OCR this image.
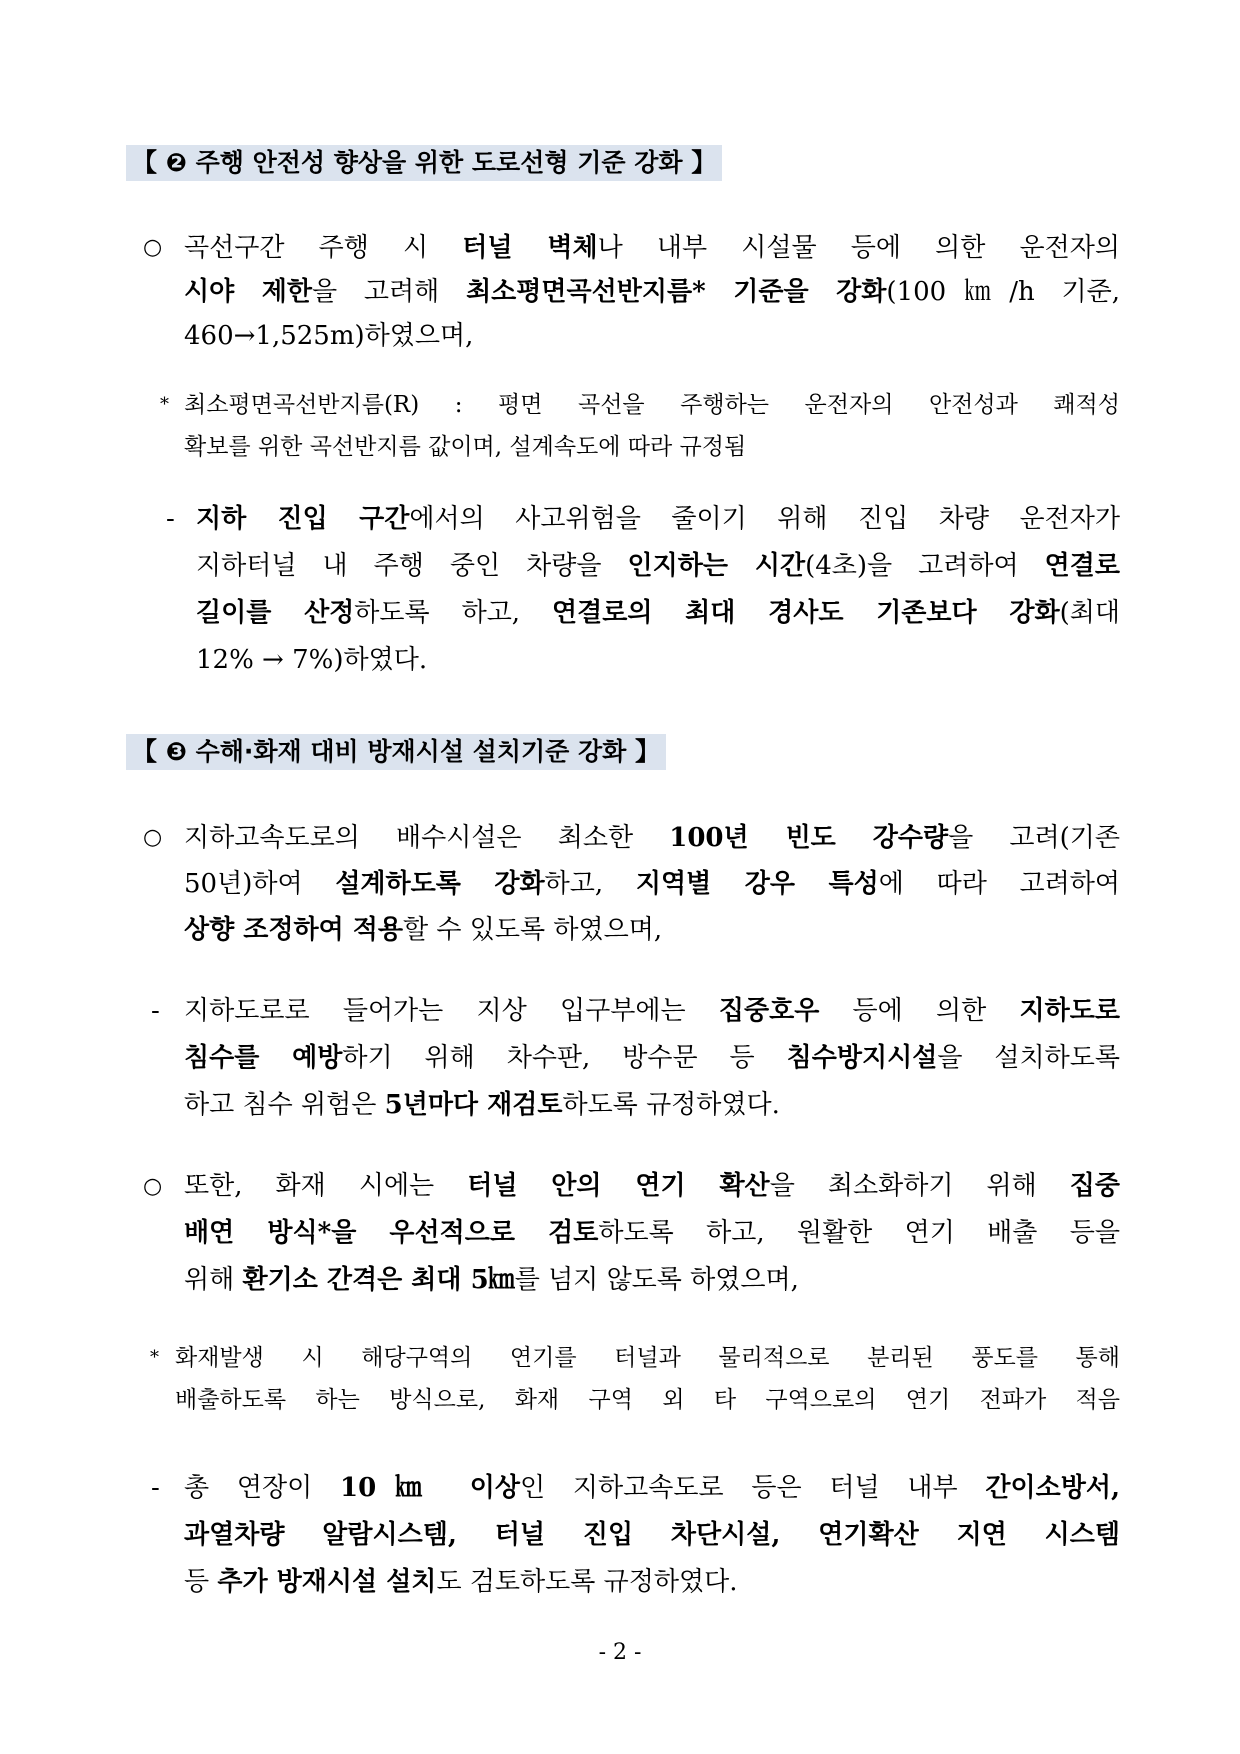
【 ❷ 주행 안전성 향상을 위한 도로선형 기준 강화 】
○ 곡선구간 주행 시 터널 벽체나 내부 시설물 등에 의한 운전자의
시야 제한을 고려해 최소평면곡선반지름* 기준을 강화(100㎞/h 기준,
460→1,525m)하였으며,
* 최소평면곡선반지름(R) : 평면 곡선을 주행하는 운전자의 안전성과 쾌적성
확보를 위한 곡선반지름 값이며, 설계속도에 따라 규정됨
- 지하 진입 구간에서의 사고위험을 줄이기 위해 진입 차량 운전자가
지하터널 내 주행 중인 차량을 인지하는 시간(4초)을 고려하여 연결로
길이를 산정하도록 하고, 연결로의 최대 경사도 기존보다 강화(최대
12% → 7%)하였다.
【 ❸ 수해·화재 대비 방재시설 설치기준 강화 】
○ 지하고속도로의 배수시설은 최소한 100년 빈도 강수량을 고려(기존
50년)하여 설계하도록 강화하고, 지역별 강우 특성에 따라 고려하여
상향 조정하여 적용할 수 있도록 하였으며,
- 지하도로로 들어가는 지상 입구부에는 집중호우 등에 의한 지하도로
침수를 예방하기 위해 차수판, 방수문 등 침수방지시설을 설치하도록
하고 침수 위험은 5년마다 재검토하도록 규정하였다.
○ 또한, 화재 시에는 터널 안의 연기 확산을 최소화하기 위해 집중
배연 방식*을 우선적으로 검토하도록 하고, 원활한 연기 배출 등을
위해 환기소 간격은 최대 5㎞를 넘지 않도록 하였으며,
* 화재발생 시 해당구역의 연기를 터널과 물리적으로 분리된 풍도를 통해
배출하도록 하는 방식으로, 화재 구역 외 타 구역으로의 연기 전파가 적음
- 총 연장이 10㎞ 이상인 지하고속도로 등은 터널 내부 간이소방서,
과열차량 알람시스템, 터널 진입 차단시설, 연기확산 지연 시스템
등 추가 방재시설 설치도 검토하도록 규정하였다.
- 2 -
